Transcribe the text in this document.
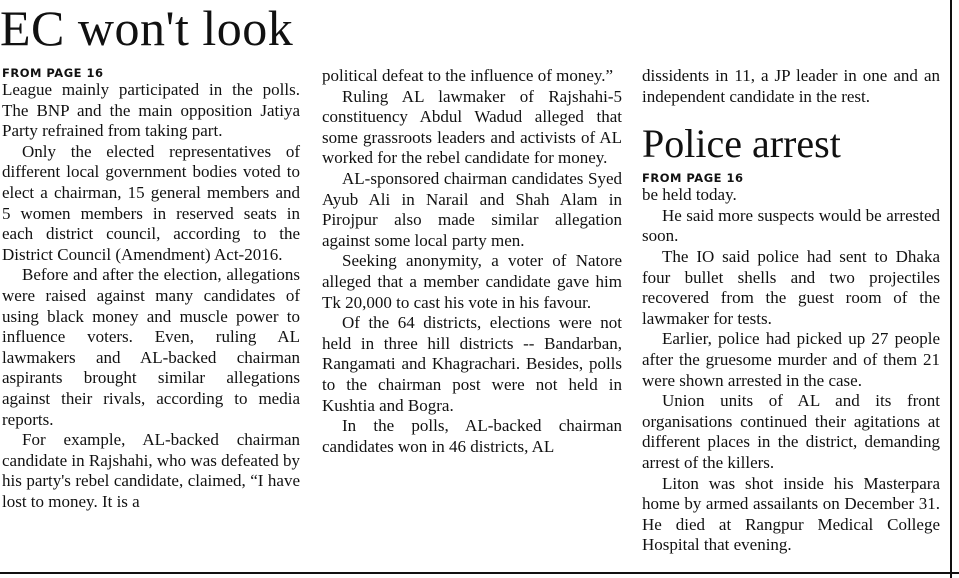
EC won't look
FROM PAGE 16

League mainly participated in the polls. The BNP and the main opposition Jatiya Party refrained from taking part.

Only the elected representatives of different local government bodies voted to elect a chairman, 15 general members and 5 women members in reserved seats in each district council, according to the District Council (Amendment) Act-2016.

Before and after the election, allegations were raised against many candidates of using black money and muscle power to influence voters. Even, ruling AL lawmakers and AL-backed chairman aspirants brought similar allegations against their rivals, according to media reports.

For example, AL-backed chairman candidate in Rajshahi, who was defeated by his party's rebel candidate, claimed, “I have lost to money. It is a

political defeat to the influence of money.”

Ruling AL lawmaker of Rajshahi-5 constituency Abdul Wadud alleged that some grassroots leaders and activists of AL worked for the rebel candidate for money.

AL-sponsored chairman candidates Syed Ayub Ali in Narail and Shah Alam in Pirojpur also made similar allegation against some local party men.

Seeking anonymity, a voter of Natore alleged that a member candidate gave him Tk 20,000 to cast his vote in his favour.

Of the 64 districts, elections were not held in three hill districts -- Bandarban, Rangamati and Khagrachari. Besides, polls to the chairman post were not held in Kushtia and Bogra.

In the polls, AL-backed chairman candidates won in 46 districts, AL

dissidents in 11, a JP leader in one and an independent candidate in the rest.

Police arrest
FROM PAGE 16

be held today.

He said more suspects would be arrested soon.

The IO said police had sent to Dhaka four bullet shells and two projectiles recovered from the guest room of the lawmaker for tests.

Earlier, police had picked up 27 people after the gruesome murder and of them 21 were shown arrested in the case.

Union units of AL and its front organisations continued their agitations at different places in the district, demanding arrest of the killers.

Liton was shot inside his Masterpara home by armed assailants on December 31. He died at Rangpur Medical College Hospital that evening.
